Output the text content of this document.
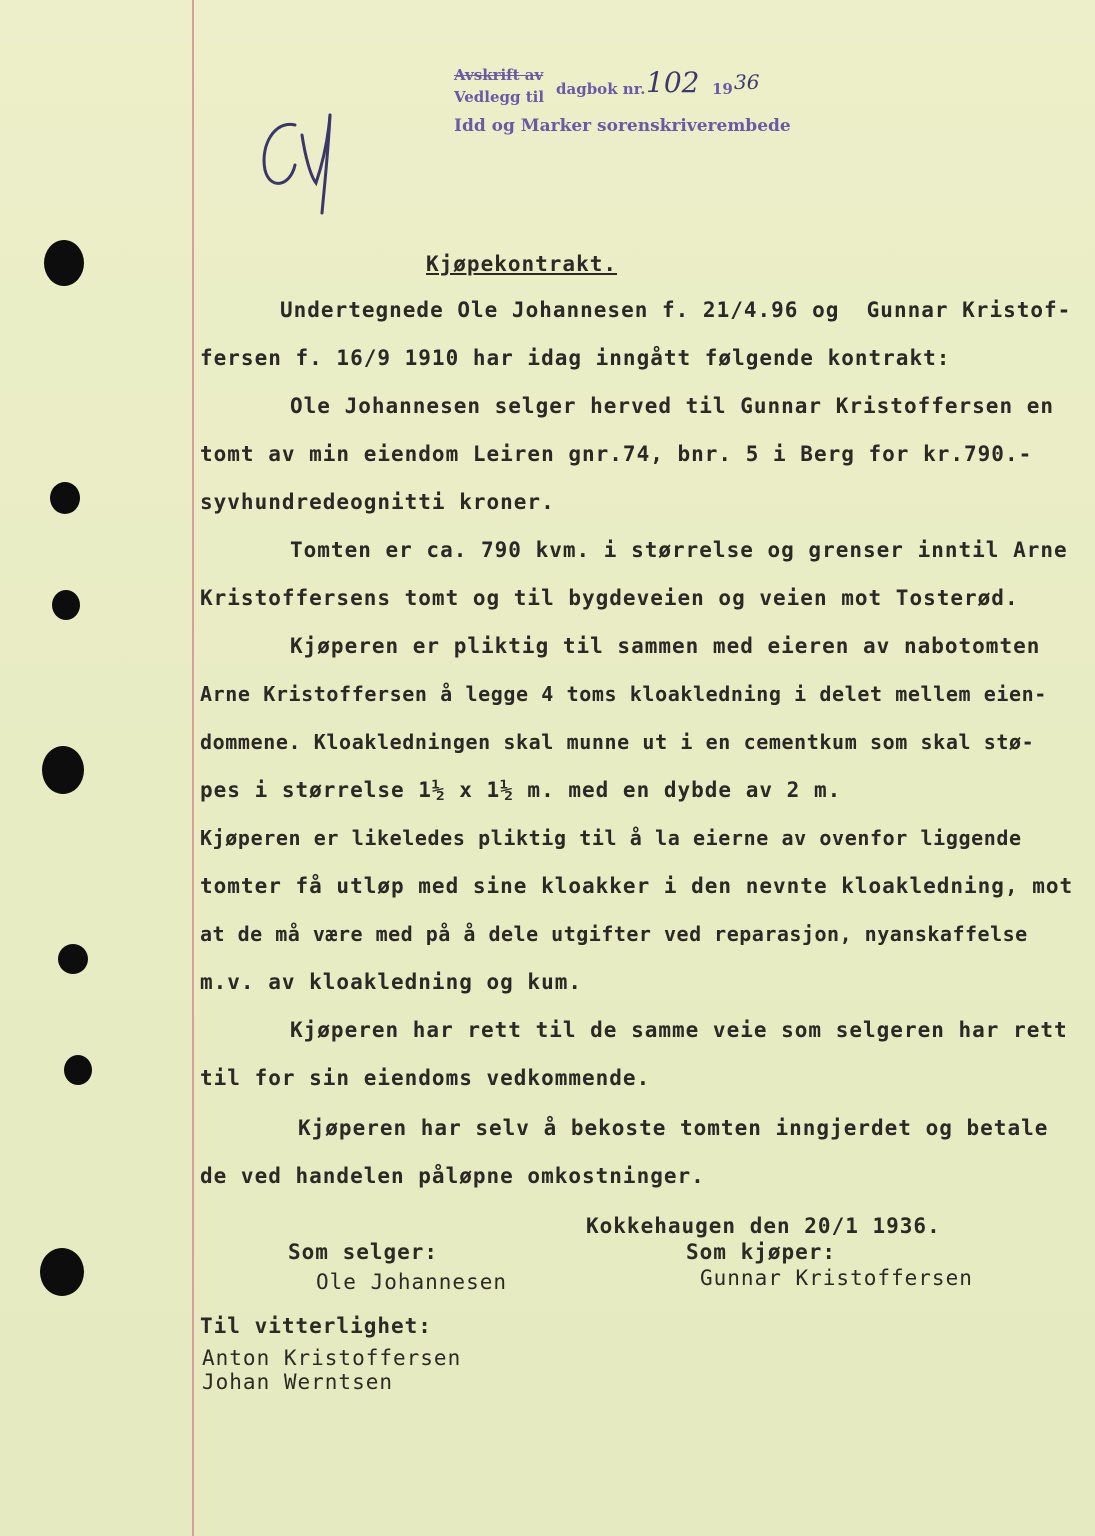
Avskrift av
Vedlegg til dagbok nr. 102 19 36
Idd og Marker sorenskriverembede
Kjøpekontrakt.
Undertegnede Ole Johannesen f. 21/4.96 og  Gunnar Kristof-
fersen f. 16/9 1910 har idag inngått følgende kontrakt:
Ole Johannesen selger herved til Gunnar Kristoffersen en
tomt av min eiendom Leiren gnr.74, bnr. 5 i Berg for kr.790.-
syvhundredeognitti kroner.
Tomten er ca. 790 kvm. i størrelse og grenser inntil Arne
Kristoffersens tomt og til bygdeveien og veien mot Tosterød.
Kjøperen er pliktig til sammen med eieren av nabotomten
Arne Kristoffersen å legge 4 toms kloakledning i delet mellem eien-
dommene. Kloakledningen skal munne ut i en cementkum som skal stø-
pes i størrelse 1½ x 1½ m. med en dybde av 2 m.
Kjøperen er likeledes pliktig til å la eierne av ovenfor liggende
tomter få utløp med sine kloakker i den nevnte kloakledning, mot
at de må være med på å dele utgifter ved reparasjon, nyanskaffelse
m.v. av kloakledning og kum.
Kjøperen har rett til de samme veie som selgeren har rett
til for sin eiendoms vedkommende.
Kjøperen har selv å bekoste tomten inngjerdet og betale
de ved handelen påløpne omkostninger.
Kokkehaugen den 20/1 1936.
Som selger:
Ole Johannesen
Som kjøper:
Gunnar Kristoffersen
Til vitterlighet:
Anton Kristoffersen
Johan Werntsen
